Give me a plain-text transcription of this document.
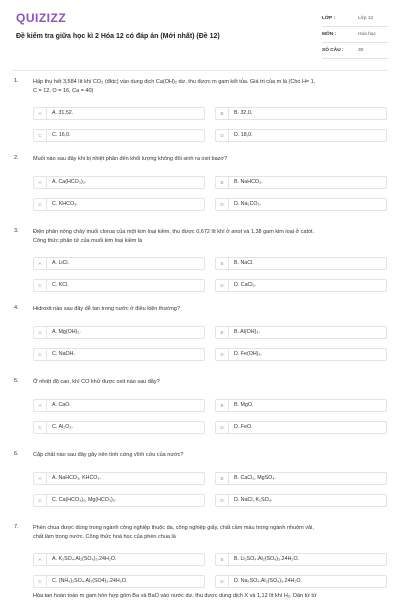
QUIZIZZ
Đề kiểm tra giữa học kì 2 Hóa 12 có đáp án (Mới nhất) (Đề 12)
LỚP :	Lớp 12
MÔN :	Hóa học
SỐ CÂU :	30
1.	Hấp thụ hết 3,584 lít khí CO₂ (đktc) vào dung dịch Ca(OH)₂ dư, thu được m gam kết tủa. Giá trị của m là (Cho H= 1,
C = 12, O = 16, Ca = 40)
A	A. 31,52.	B	B. 32,0.
C	C. 16,0.	D	D. 18,0.
2.	Muối nào sau đây khi bị nhiệt phân đến khối lượng không đổi sinh ra oxit bazơ?
A	A. Ca(HCO₃)₂.	B	B. NaHCO₃.
C	C. KHCO₃.	D	D. Na₂CO₃.
3.	Điện phân nóng chảy muối clorua của một kim loại kiềm, thu được 0,672 lít khí ở anot và 1,38 gam kim loại ở catot.
Công thức phân tử của muối kim loại kiềm là
A	A. LiCl.	B	B. NaCl.
C	C. KCl.	D	D. CaCl₂.
4.	Hidroxit nào sau đây dễ tan trong nước ở điều kiện thường?
A	A. Mg(OH)₂.	B	B. Al(OH)₃.
C	C. NaOH.	D	D. Fe(OH)₃.
5.	Ở nhiệt độ cao, khí CO khử được oxit nào sau đây?
A	A. CaO.	B	B. MgO.
C	C. Al₂O₃.	D	D. FeO.
6.	Cặp chất nào sau đây gây nên tính cứng vĩnh cửu của nước?
A	A. NaHCO₃, KHCO₃.	B	B. CaCl₂, MgSO₄.
C	C. Ca(HCO₃)₂, Mg(HCO₃)₂.	D	D. NaCl, K₂SO₄.
7.	Phèn chua được dùng trong ngành công nghiệp thuộc da, công nghiệp giấy, chất cầm màu trong ngành nhuộm vải,
chất làm trong nước. Công thức hoá học của phèn chua là
A	A. K₂SO₄.Al₂(SO₄)₃.24H₂O.	B	B. Li₂SO₄.Al₂(SO₄)₃.24H₂O.
C	C. (NH₄)₂SO₄.Al₂(SO4)₃.24H₂O.	D	D. Na₂SO₄.Al₂(SO₄)₃.24H₂O.
Hòa tan hoàn toàn m gam hỗn hợp gồm Ba và BaO vào nước dư, thu được dung dịch X và 1,12 lít khí H₂. Dẫn từ từ
